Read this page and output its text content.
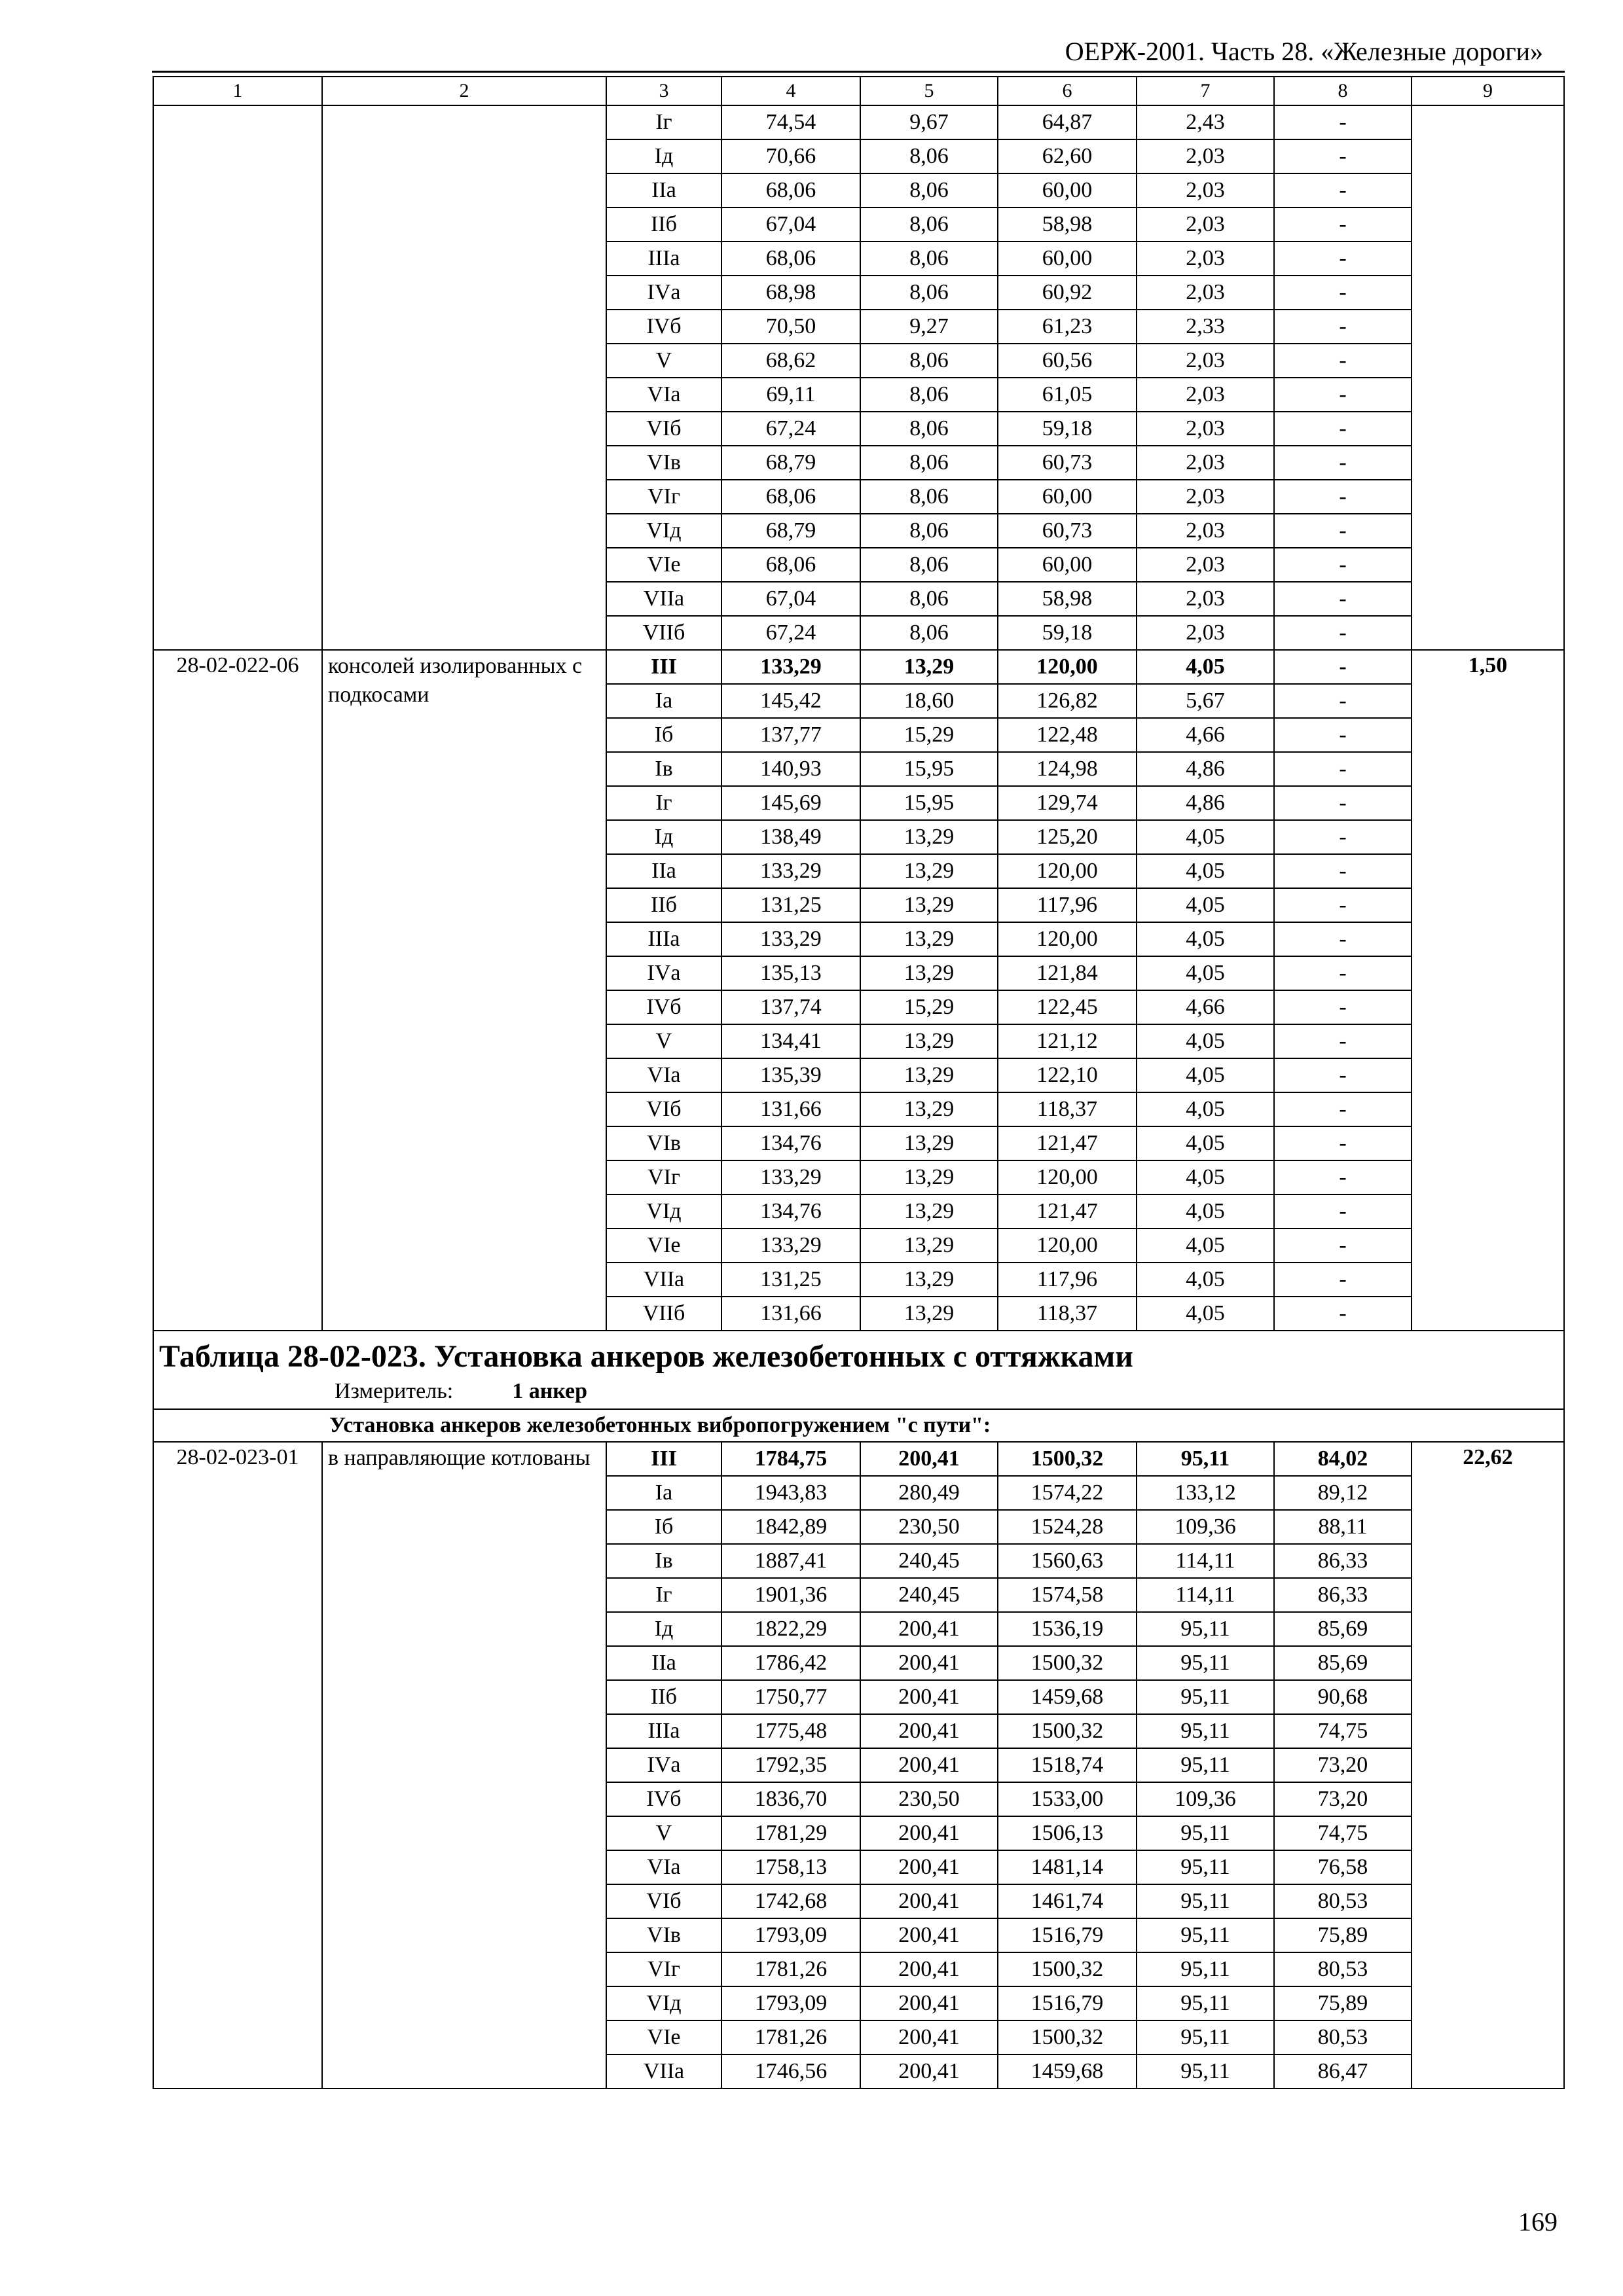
ОЕРЖ-2001. Часть 28. «Железные дороги»
1	2	3	4	5	6	7	8	9
		Iг	74,54	9,67	64,87	2,43	-	
		Iд	70,66	8,06	62,60	2,03	-	
		IIа	68,06	8,06	60,00	2,03	-	
		IIб	67,04	8,06	58,98	2,03	-	
		IIIа	68,06	8,06	60,00	2,03	-	
		IVа	68,98	8,06	60,92	2,03	-	
		IVб	70,50	9,27	61,23	2,33	-	
		V	68,62	8,06	60,56	2,03	-	
		VIа	69,11	8,06	61,05	2,03	-	
		VIб	67,24	8,06	59,18	2,03	-	
		VIв	68,79	8,06	60,73	2,03	-	
		VIг	68,06	8,06	60,00	2,03	-	
		VIд	68,79	8,06	60,73	2,03	-	
		VIе	68,06	8,06	60,00	2,03	-	
		VIIа	67,04	8,06	58,98	2,03	-	
		VIIб	67,24	8,06	59,18	2,03	-	
28-02-022-06	консолей изолированных с подкосами	III	133,29	13,29	120,00	4,05	-	1,50
		Iа	145,42	18,60	126,82	5,67	-	
		Iб	137,77	15,29	122,48	4,66	-	
		Iв	140,93	15,95	124,98	4,86	-	
		Iг	145,69	15,95	129,74	4,86	-	
		Iд	138,49	13,29	125,20	4,05	-	
		IIа	133,29	13,29	120,00	4,05	-	
		IIб	131,25	13,29	117,96	4,05	-	
		IIIа	133,29	13,29	120,00	4,05	-	
		IVа	135,13	13,29	121,84	4,05	-	
		IVб	137,74	15,29	122,45	4,66	-	
		V	134,41	13,29	121,12	4,05	-	
		VIа	135,39	13,29	122,10	4,05	-	
		VIб	131,66	13,29	118,37	4,05	-	
		VIв	134,76	13,29	121,47	4,05	-	
		VIг	133,29	13,29	120,00	4,05	-	
		VIд	134,76	13,29	121,47	4,05	-	
		VIе	133,29	13,29	120,00	4,05	-	
		VIIа	131,25	13,29	117,96	4,05	-	
		VIIб	131,66	13,29	118,37	4,05	-	

Таблица 28-02-023. Установка анкеров железобетонных с оттяжками
Измеритель: 1 анкер								

Установка анкеров железобетонных вибропогружением "с пути":								
28-02-023-01	в направляющие котлованы	III	1784,75	200,41	1500,32	95,11	84,02	22,62
		Iа	1943,83	280,49	1574,22	133,12	89,12	
		Iб	1842,89	230,50	1524,28	109,36	88,11	
		Iв	1887,41	240,45	1560,63	114,11	86,33	
		Iг	1901,36	240,45	1574,58	114,11	86,33	
		Iд	1822,29	200,41	1536,19	95,11	85,69	
		IIа	1786,42	200,41	1500,32	95,11	85,69	
		IIб	1750,77	200,41	1459,68	95,11	90,68	
		IIIа	1775,48	200,41	1500,32	95,11	74,75	
		IVа	1792,35	200,41	1518,74	95,11	73,20	
		IVб	1836,70	230,50	1533,00	109,36	73,20	
		V	1781,29	200,41	1506,13	95,11	74,75	
		VIа	1758,13	200,41	1481,14	95,11	76,58	
		VIб	1742,68	200,41	1461,74	95,11	80,53	
		VIв	1793,09	200,41	1516,79	95,11	75,89	
		VIг	1781,26	200,41	1500,32	95,11	80,53	
		VIд	1793,09	200,41	1516,79	95,11	75,89	
		VIе	1781,26	200,41	1500,32	95,11	80,53	
		VIIа	1746,56	200,41	1459,68	95,11	86,47	
169
